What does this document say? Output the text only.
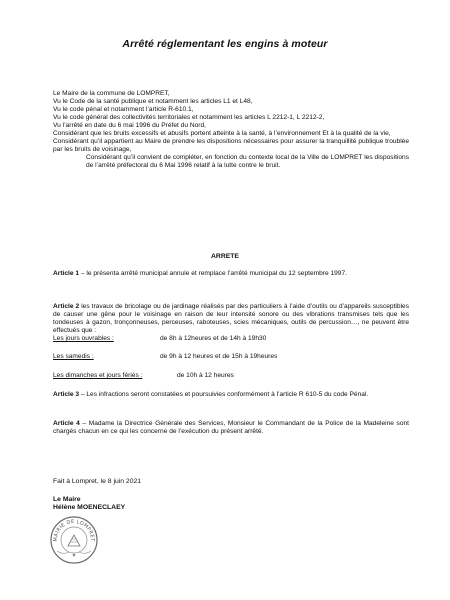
Arrêté réglementant les engins à moteur

Le Maire de la commune de LOMPRET,

Vu le Code de la santé publique et notamment les articles L1 et L48,

Vu le code pénal et notamment l’article R-610.1,

Vu le code général des collectivités territoriales et notamment les articles L 2212-1, L 2212-2,

Vu l’arrêté en date du 6 mai 1996 du Préfet du Nord,

Considérant que les bruits excessifs et abusifs portent atteinte à la santé, à l’environnement Et à la qualité de la vie,

Considérant qu’il appartient au Maire de prendre les dispositions nécessaires pour assurer la tranquillité publique troublée par les bruits de voisinage,

Considérant qu’il convient de compléter, en fonction du contexte local de la Ville de LOMPRET les dispositions de l’arrêté préfectoral du 6 Mai 1996 relatif à la lutte contre le bruit.

ARRETE
Article 1 – le présenta arrêté municipal annule et remplace l’arrêté municipal du 12 septembre 1997.
Article 2 les travaux de bricolage ou de jardinage réalisés par des particuliers à l’aide d’outils ou d’appareils susceptibles de causer une gêne pour le voisinage en raison de leur intensité sonore ou des vibrations transmises tels que les tondeuses à gazon, tronçonneuses, perceuses, raboteuses, scies mécaniques, outils de percussion…, ne peuvent être effectués que :
Les jours ouvrables :	de 8h à 12heures et de 14h à 19h30
Les samedis :	de 9h à 12 heures et de 15h à 19heures
Les dimanches et jours fériés :	de 10h à 12 heures
Article 3 – Les infractions seront constatées et poursuivies conformément à l’article R 610-5 du code Pénal.
Article 4 – Madame la Directrice Générale des Services, Monsieur le Commandant de la Police de la Madeleine sont chargés chacun en ce qui les concerne de l’exécution du présent arrêté.
Fait à Lompret, le 8 juin 2021
Le Maire
Hélène MOENECLAEY
MAIRIE DE LOMPRET
